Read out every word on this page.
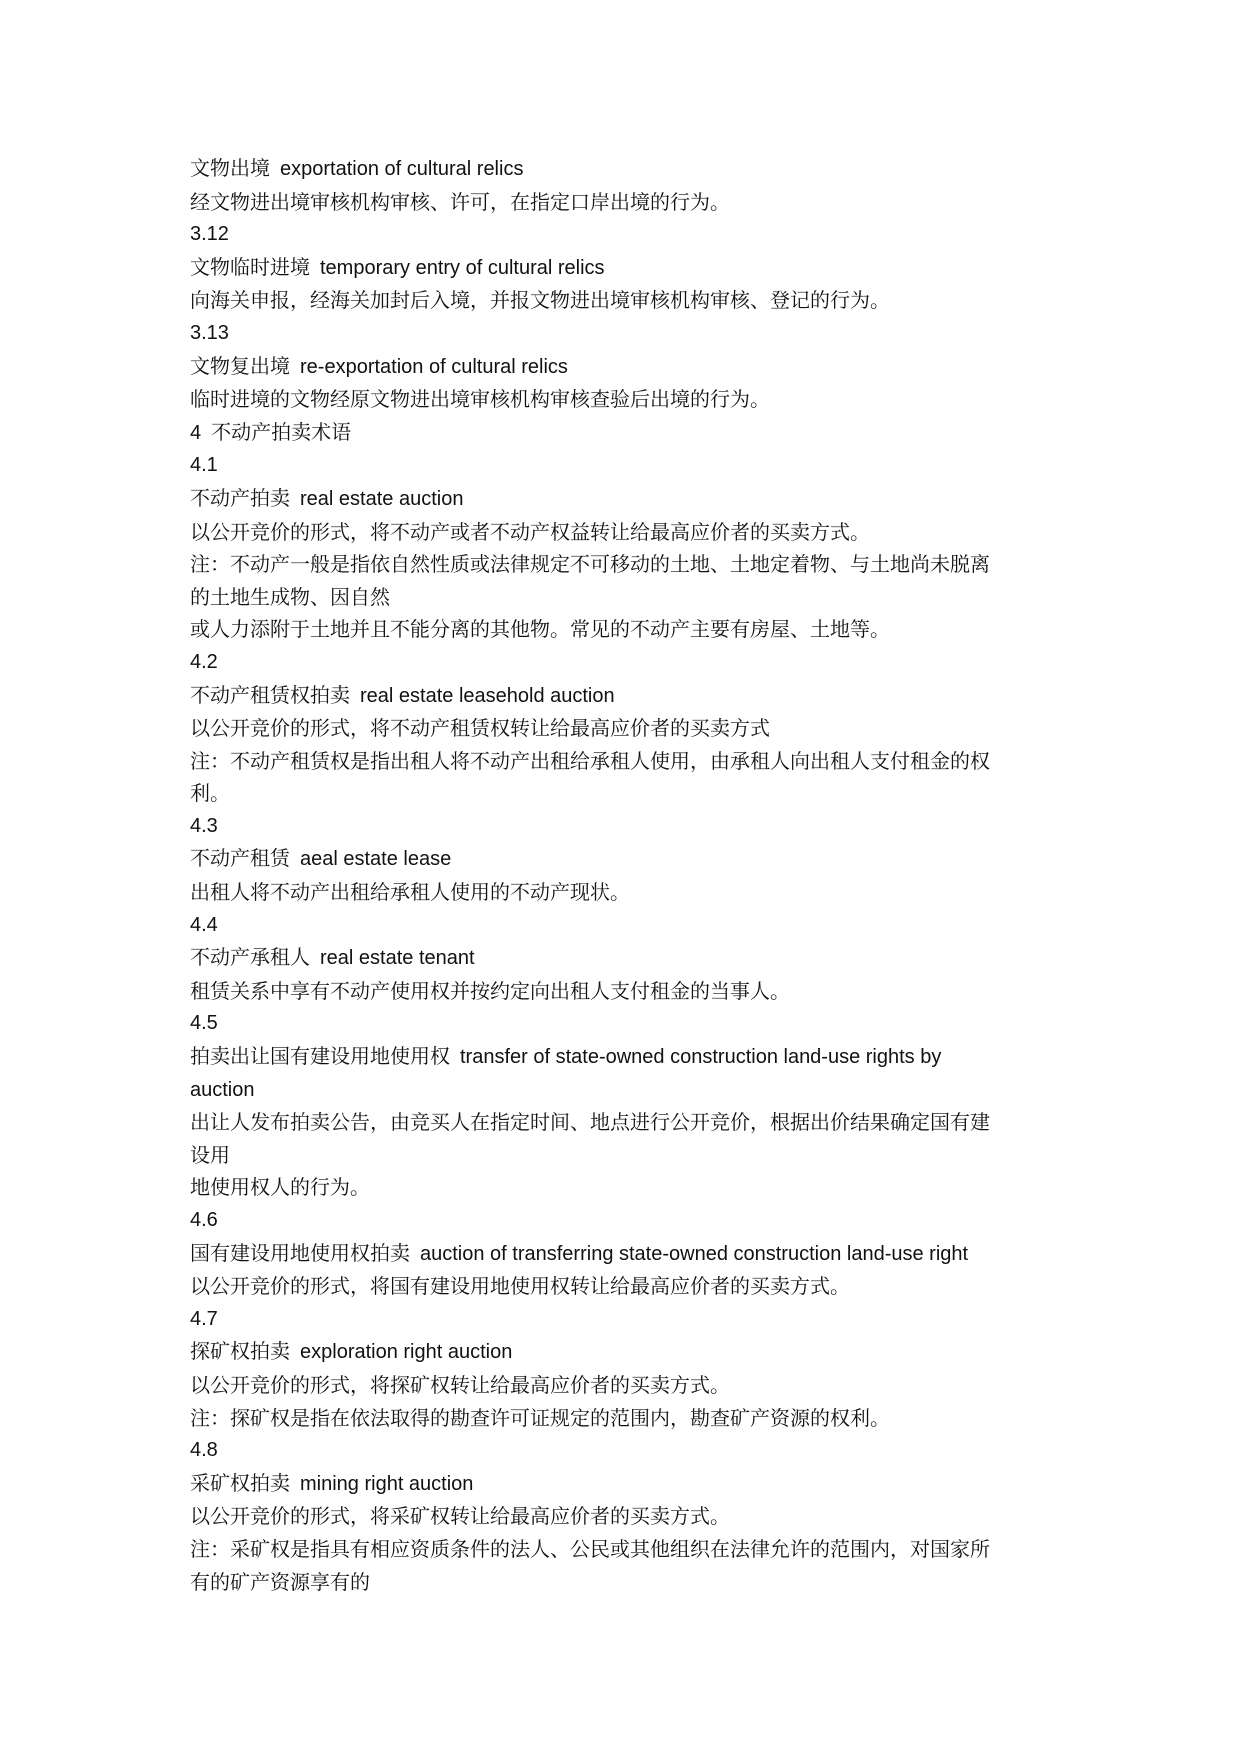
文物出境 exportation of cultural relics
经文物进出境审核机构审核、许可，在指定口岸出境的行为。
3.12
文物临时进境 temporary entry of cultural relics
向海关申报，经海关加封后入境，并报文物进出境审核机构审核、登记的行为。
3.13
文物复出境 re-exportation of cultural relics
临时进境的文物经原文物进出境审核机构审核查验后出境的行为。
4 不动产拍卖术语
4.1
不动产拍卖 real estate auction
以公开竞价的形式，将不动产或者不动产权益转让给最高应价者的买卖方式。
注：不动产一般是指依自然性质或法律规定不可移动的土地、土地定着物、与土地尚未脱离
的土地生成物、因自然
或人力添附于土地并且不能分离的其他物。常见的不动产主要有房屋、土地等。
4.2
不动产租赁权拍卖 real estate leasehold auction
以公开竞价的形式，将不动产租赁权转让给最高应价者的买卖方式
注：不动产租赁权是指出租人将不动产出租给承租人使用，由承租人向出租人支付租金的权
利。
4.3
不动产租赁 aeal estate lease
出租人将不动产出租给承租人使用的不动产现状。
4.4
不动产承租人 real estate tenant
租赁关系中享有不动产使用权并按约定向出租人支付租金的当事人。
4.5
拍卖出让国有建设用地使用权 transfer of state-owned construction land-use rights by
auction
出让人发布拍卖公告，由竞买人在指定时间、地点进行公开竞价，根据出价结果确定国有建
设用
地使用权人的行为。
4.6
国有建设用地使用权拍卖 auction of transferring state-owned construction land-use right
以公开竞价的形式，将国有建设用地使用权转让给最高应价者的买卖方式。
4.7
探矿权拍卖 exploration right auction
以公开竞价的形式，将探矿权转让给最高应价者的买卖方式。
注：探矿权是指在依法取得的勘查许可证规定的范围内，勘查矿产资源的权利。
4.8
采矿权拍卖 mining right auction
以公开竞价的形式，将采矿权转让给最高应价者的买卖方式。
注：采矿权是指具有相应资质条件的法人、公民或其他组织在法律允许的范围内，对国家所
有的矿产资源享有的
